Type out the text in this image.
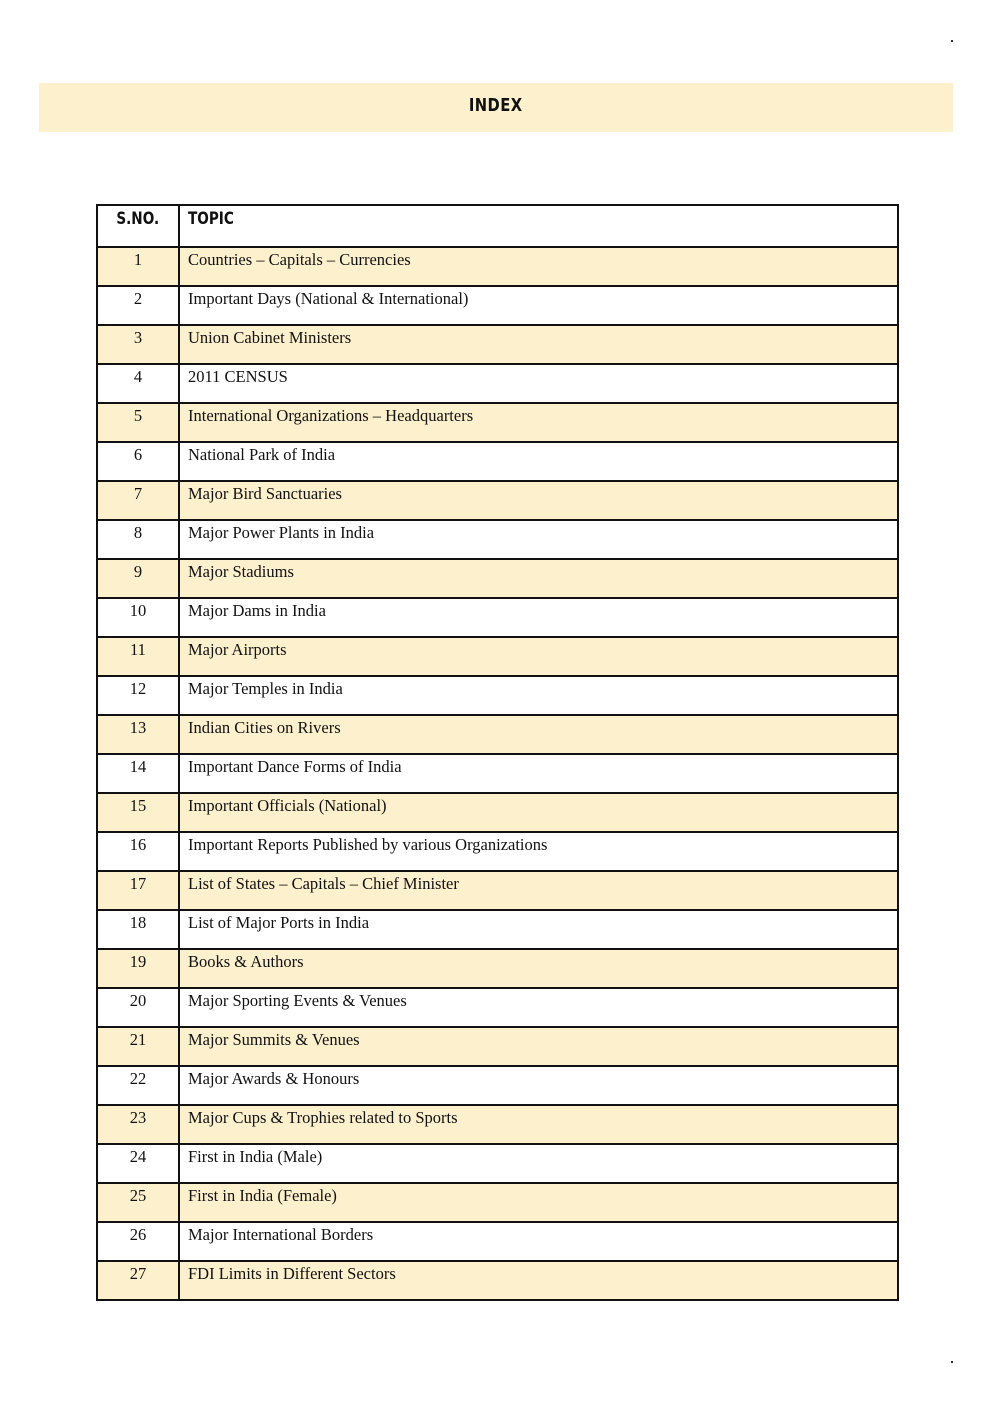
INDEX
S.NO.	TOPIC
1	Countries – Capitals – Currencies
2	Important Days (National & International)
3	Union Cabinet Ministers
4	2011 CENSUS
5	International Organizations – Headquarters
6	National Park of India
7	Major Bird Sanctuaries
8	Major Power Plants in India
9	Major Stadiums
10	Major Dams in India
11	Major Airports
12	Major Temples in India
13	Indian Cities on Rivers
14	Important Dance Forms of India
15	Important Officials (National)
16	Important Reports Published by various Organizations
17	List of States – Capitals – Chief Minister
18	List of Major Ports in India
19	Books & Authors
20	Major Sporting Events & Venues
21	Major Summits & Venues
22	Major Awards & Honours
23	Major Cups & Trophies related to Sports
24	First in India (Male)
25	First in India (Female)
26	Major International Borders
27	FDI Limits in Different Sectors
